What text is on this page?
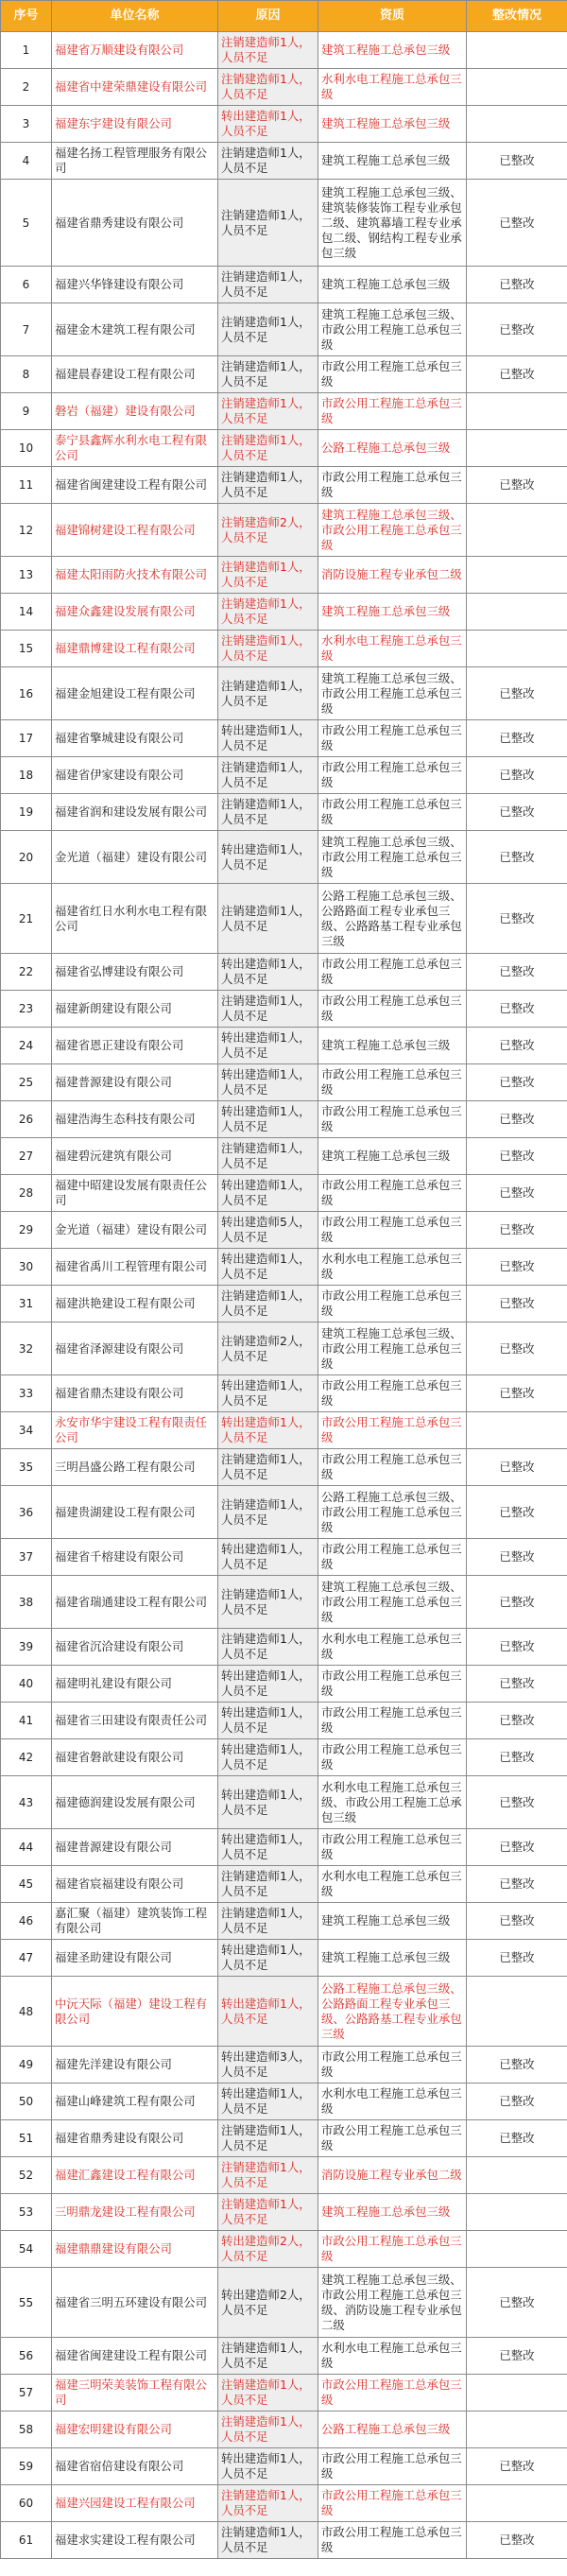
序号	单位名称	原因	资质	整改情况
1	福建省万顺建设有限公司	注销建造师1人，人员不足	建筑工程施工总承包三级	
2	福建省中建荣鼎建设有限公司	注销建造师1人，人员不足	水利水电工程施工总承包三级	
3	福建东宇建设有限公司	转出建造师1人，人员不足	建筑工程施工总承包三级	
4	福建名扬工程管理服务有限公司	注销建造师1人，人员不足	建筑工程施工总承包三级	已整改
5	福建省鼎秀建设有限公司	注销建造师1人，人员不足	建筑工程施工总承包三级、建筑装修装饰工程专业承包二级、建筑幕墙工程专业承包二级、钢结构工程专业承包三级	已整改
6	福建兴华锋建设有限公司	注销建造师1人，人员不足	建筑工程施工总承包三级	已整改
7	福建金木建筑工程有限公司	注销建造师1人，人员不足	建筑工程施工总承包三级、市政公用工程施工总承包三级	已整改
8	福建晨春建设工程有限公司	注销建造师1人，人员不足	市政公用工程施工总承包三级	已整改
9	磐岩（福建）建设有限公司	注销建造师1人，人员不足	市政公用工程施工总承包三级	
10	泰宁县鑫辉水利水电工程有限公司	注销建造师1人，人员不足	公路工程施工总承包三级	
11	福建省闽建建设工程有限公司	注销建造师1人，人员不足	市政公用工程施工总承包三级	已整改
12	福建锦树建设工程有限公司	注销建造师2人，人员不足	建筑工程施工总承包三级、市政公用工程施工总承包三级	
13	福建太阳雨防火技术有限公司	注销建造师1人，人员不足	消防设施工程专业承包二级	
14	福建众鑫建设发展有限公司	注销建造师1人，人员不足	建筑工程施工总承包三级	
15	福建鼎博建设工程有限公司	注销建造师1人，人员不足	水利水电工程施工总承包三级	
16	福建金旭建设工程有限公司	注销建造师1人，人员不足	建筑工程施工总承包三级、市政公用工程施工总承包三级	已整改
17	福建省擎城建设有限公司	转出建造师1人，人员不足	市政公用工程施工总承包三级	已整改
18	福建省伊家建设有限公司	注销建造师1人，人员不足	市政公用工程施工总承包三级	已整改
19	福建省润和建设发展有限公司	注销建造师1人，人员不足	市政公用工程施工总承包三级	已整改
20	金光道（福建）建设有限公司	转出建造师1人，人员不足	建筑工程施工总承包三级、市政公用工程施工总承包三级	已整改
21	福建省红日水利水电工程有限公司	注销建造师1人，人员不足	公路工程施工总承包三级、公路路面工程专业承包三级、公路路基工程专业承包三级	已整改
22	福建省弘博建设有限公司	转出建造师1人，人员不足	市政公用工程施工总承包三级	已整改
23	福建新朗建设有限公司	注销建造师1人，人员不足	市政公用工程施工总承包三级	已整改
24	福建省恩正建设有限公司	转出建造师1人，人员不足	建筑工程施工总承包三级	已整改
25	福建普源建设有限公司	转出建造师1人，人员不足	市政公用工程施工总承包三级	已整改
26	福建浩海生态科技有限公司	转出建造师1人，人员不足	市政公用工程施工总承包三级	已整改
27	福建碧沅建筑有限公司	注销建造师1人，人员不足	建筑工程施工总承包三级	已整改
28	福建中昭建设发展有限责任公司	转出建造师1人，人员不足	市政公用工程施工总承包三级	已整改
29	金光道（福建）建设有限公司	转出建造师5人，人员不足	市政公用工程施工总承包三级	已整改
30	福建省禹川工程管理有限公司	转出建造师1人，人员不足	水利水电工程施工总承包三级	已整改
31	福建洪艳建设工程有限公司	注销建造师1人，人员不足	市政公用工程施工总承包三级	已整改
32	福建省泽源建设有限公司	注销建造师2人，人员不足	建筑工程施工总承包三级、市政公用工程施工总承包三级	已整改
33	福建省鼎杰建设有限公司	转出建造师1人，人员不足	市政公用工程施工总承包三级	已整改
34	永安市华宇建设工程有限责任公司	转出建造师1人，人员不足	市政公用工程施工总承包三级	
35	三明昌盛公路工程有限公司	注销建造师1人，人员不足	市政公用工程施工总承包三级	已整改
36	福建贵湖建设工程有限公司	注销建造师1人，人员不足	公路工程施工总承包三级、市政公用工程施工总承包三级	已整改
37	福建省千榕建设有限公司	转出建造师1人，人员不足	市政公用工程施工总承包三级	已整改
38	福建省瑞通建设工程有限公司	注销建造师1人，人员不足	建筑工程施工总承包三级、市政公用工程施工总承包三级	已整改
39	福建省沉洽建设有限公司	注销建造师1人，人员不足	水利水电工程施工总承包三级	已整改
40	福建明礼建设有限公司	转出建造师1人，人员不足	市政公用工程施工总承包三级	已整改
41	福建省三田建设有限责任公司	转出建造师1人，人员不足	市政公用工程施工总承包三级	已整改
42	福建省磐歆建设有限公司	转出建造师1人，人员不足	市政公用工程施工总承包三级	已整改
43	福建德润建设发展有限公司	转出建造师1人，人员不足	水利水电工程施工总承包三级、市政公用工程施工总承包三级	已整改
44	福建普源建设有限公司	转出建造师1人，人员不足	市政公用工程施工总承包三级	已整改
45	福建省宸福建设有限公司	注销建造师1人，人员不足	水利水电工程施工总承包三级	已整改
46	嘉汇聚（福建）建筑装饰工程有限公司	注销建造师1人，人员不足	建筑工程施工总承包三级	已整改
47	福建圣助建设有限公司	转出建造师1人，人员不足	建筑工程施工总承包三级	已整改
48	中沅天际（福建）建设工程有限公司	转出建造师1人，人员不足	公路工程施工总承包三级、公路路面工程专业承包三级、公路路基工程专业承包三级	
49	福建先洋建设有限公司	转出建造师3人，人员不足	市政公用工程施工总承包三级	已整改
50	福建山峰建筑工程有限公司	转出建造师1人，人员不足	水利水电工程施工总承包三级	已整改
51	福建省鼎秀建设有限公司	注销建造师1人，人员不足	市政公用工程施工总承包三级	已整改
52	福建汇鑫建设工程有限公司	注销建造师1人，人员不足	消防设施工程专业承包二级	
53	三明鼎龙建设工程有限公司	注销建造师1人，人员不足	建筑工程施工总承包三级	
54	福建鼎鼎建设有限公司	转出建造师2人，人员不足	市政公用工程施工总承包三级	
55	福建省三明五环建设有限公司	转出建造师2人，人员不足	建筑工程施工总承包三级、市政公用工程施工总承包三级、消防设施工程专业承包二级	已整改
56	福建省闽建建设工程有限公司	注销建造师1人，人员不足	水利水电工程施工总承包三级	已整改
57	福建三明荣美装饰工程有限公司	注销建造师1人，人员不足	市政公用工程施工总承包三级	
58	福建宏明建设有限公司	注销建造师1人，人员不足	公路工程施工总承包三级	
59	福建省宿倍建设有限公司	转出建造师1人，人员不足	市政公用工程施工总承包三级	已整改
60	福建兴园建设工程有限公司	注销建造师1人，人员不足	市政公用工程施工总承包三级	
61	福建求实建设工程有限公司	注销建造师1人，人员不足	市政公用工程施工总承包三级	已整改
